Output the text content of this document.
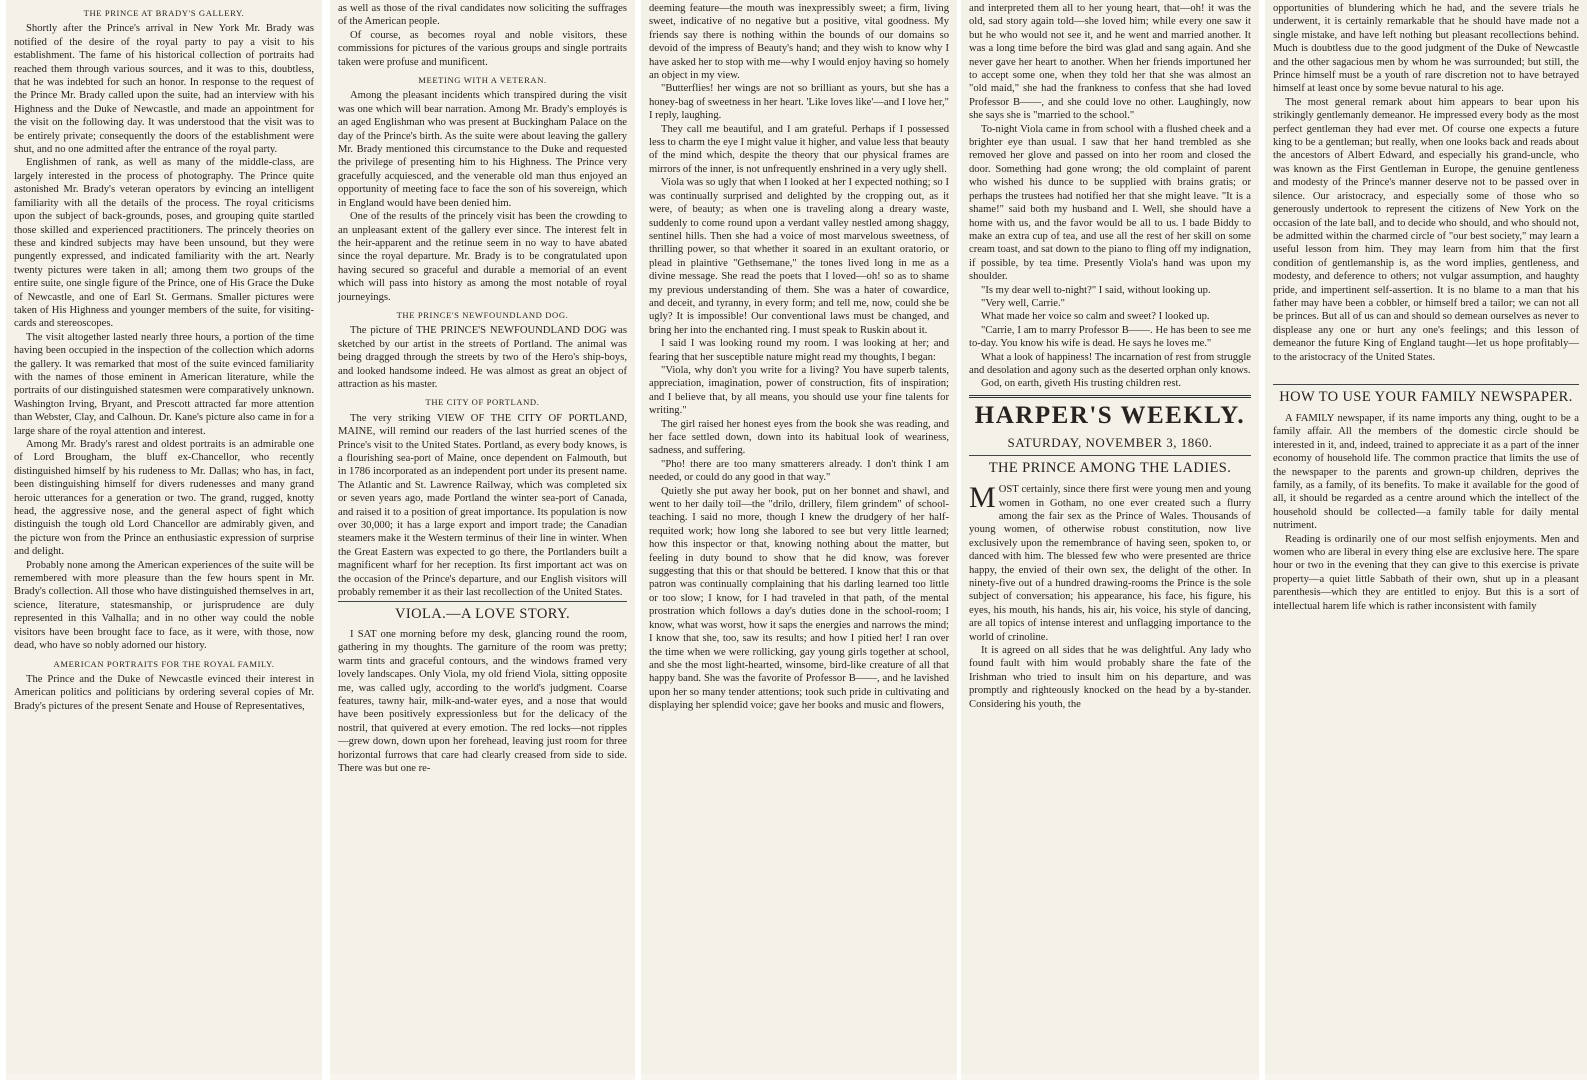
THE PRINCE AT BRADY'S GALLERY.

Shortly after the Prince's arrival in New York Mr. Brady was notified of the desire of the royal party to pay a visit to his establishment. The fame of his historical collection of portraits had reached them through various sources, and it was to this, doubtless, that he was indebted for such an honor. In response to the request of the Prince Mr. Brady called upon the suite, had an interview with his Highness and the Duke of Newcastle, and made an appointment for the visit on the following day. It was understood that the visit was to be entirely private; consequently the doors of the establishment were shut, and no one admitted after the entrance of the royal party.

Englishmen of rank, as well as many of the middle-class, are largely interested in the process of photography. The Prince quite astonished Mr. Brady's veteran operators by evincing an intelligent familiarity with all the details of the process. The royal criticisms upon the subject of back-grounds, poses, and grouping quite startled those skilled and experienced practitioners. The princely theories on these and kindred subjects may have been unsound, but they were pungently expressed, and indicated familiarity with the art. Nearly twenty pictures were taken in all; among them two groups of the entire suite, one single figure of the Prince, one of His Grace the Duke of Newcastle, and one of Earl St. Germans. Smaller pictures were taken of His Highness and younger members of the suite, for visiting-cards and stereoscopes.

The visit altogether lasted nearly three hours, a portion of the time having been occupied in the inspection of the collection which adorns the gallery. It was remarked that most of the suite evinced familiarity with the names of those eminent in American literature, while the portraits of our distinguished statesmen were comparatively unknown. Washington Irving, Bryant, and Prescott attracted far more attention than Webster, Clay, and Calhoun. Dr. Kane's picture also came in for a large share of the royal attention and interest.

Among Mr. Brady's rarest and oldest portraits is an admirable one of Lord Brougham, the bluff ex-Chancellor, who recently distinguished himself by his rudeness to Mr. Dallas; who has, in fact, been distinguishing himself for divers rudenesses and many grand heroic utterances for a generation or two. The grand, rugged, knotty head, the aggressive nose, and the general aspect of fight which distinguish the tough old Lord Chancellor are admirably given, and the picture won from the Prince an enthusiastic expression of surprise and delight.

Probably none among the American experiences of the suite will be remembered with more pleasure than the few hours spent in Mr. Brady's collection. All those who have distinguished themselves in art, science, literature, statesmanship, or jurisprudence are duly represented in this Valhalla; and in no other way could the noble visitors have been brought face to face, as it were, with those, now dead, who have so nobly adorned our history.

AMERICAN PORTRAITS FOR THE ROYAL FAMILY.

The Prince and the Duke of Newcastle evinced their interest in American politics and politicians by ordering several copies of Mr. Brady's pictures of the present Senate and House of Representatives,

as well as those of the rival candidates now soliciting the suffrages of the American people.

Of course, as becomes royal and noble visitors, these commissions for pictures of the various groups and single portraits taken were profuse and munificent.

MEETING WITH A VETERAN.

Among the pleasant incidents which transpired during the visit was one which will bear narration. Among Mr. Brady's employés is an aged Englishman who was present at Buckingham Palace on the day of the Prince's birth. As the suite were about leaving the gallery Mr. Brady mentioned this circumstance to the Duke and requested the privilege of presenting him to his Highness. The Prince very gracefully acquiesced, and the venerable old man thus enjoyed an opportunity of meeting face to face the son of his sovereign, which in England would have been denied him.

One of the results of the princely visit has been the crowding to an unpleasant extent of the gallery ever since. The interest felt in the heir-apparent and the retinue seem in no way to have abated since the royal departure. Mr. Brady is to be congratulated upon having secured so graceful and durable a memorial of an event which will pass into history as among the most notable of royal journeyings.

THE PRINCE'S NEWFOUNDLAND DOG.

The picture of THE PRINCE'S NEWFOUNDLAND DOG was sketched by our artist in the streets of Portland. The animal was being dragged through the streets by two of the Hero's ship-boys, and looked handsome indeed. He was almost as great an object of attraction as his master.

THE CITY OF PORTLAND.

The very striking VIEW OF THE CITY OF PORTLAND, MAINE, will remind our readers of the last hurried scenes of the Prince's visit to the United States. Portland, as every body knows, is a flourishing sea-port of Maine, once dependent on Falmouth, but in 1786 incorporated as an independent port under its present name. The Atlantic and St. Lawrence Railway, which was completed six or seven years ago, made Portland the winter sea-port of Canada, and raised it to a position of great importance. Its population is now over 30,000; it has a large export and import trade; the Canadian steamers make it the Western terminus of their line in winter. When the Great Eastern was expected to go there, the Portlanders built a magnificent wharf for her reception. Its first important act was on the occasion of the Prince's departure, and our English visitors will probably remember it as their last recollection of the United States.

VIOLA.—A LOVE STORY.

I SAT one morning before my desk, glancing round the room, gathering in my thoughts. The garniture of the room was pretty; warm tints and graceful contours, and the windows framed very lovely landscapes. Only Viola, my old friend Viola, sitting opposite me, was called ugly, according to the world's judgment. Coarse features, tawny hair, milk-and-water eyes, and a nose that would have been positively expressionless but for the delicacy of the nostril, that quivered at every emotion. The red locks—not ripples—grew down, down upon her forehead, leaving just room for three horizontal furrows that care had clearly creased from side to side. There was but one re-

deeming feature—the mouth was inexpressibly sweet; a firm, living sweet, indicative of no negative but a positive, vital goodness. My friends say there is nothing within the bounds of our domains so devoid of the impress of Beauty's hand; and they wish to know why I have asked her to stop with me—why I would enjoy having so homely an object in my view.

"Butterflies! her wings are not so brilliant as yours, but she has a honey-bag of sweetness in her heart. 'Like loves like'—and I love her," I reply, laughing.

They call me beautiful, and I am grateful. Perhaps if I possessed less to charm the eye I might value it higher, and value less that beauty of the mind which, despite the theory that our physical frames are mirrors of the inner, is not unfrequently enshrined in a very ugly shell.

Viola was so ugly that when I looked at her I expected nothing; so I was continually surprised and delighted by the cropping out, as it were, of beauty; as when one is traveling along a dreary waste, suddenly to come round upon a verdant valley nestled among shaggy, sentinel hills. Then she had a voice of most marvelous sweetness, of thrilling power, so that whether it soared in an exultant oratorio, or plead in plaintive "Gethsemane," the tones lived long in me as a divine message. She read the poets that I loved—oh! so as to shame my previous understanding of them. She was a hater of cowardice, and deceit, and tyranny, in every form; and tell me, now, could she be ugly? It is impossible! Our conventional laws must be changed, and bring her into the enchanted ring. I must speak to Ruskin about it.

I said I was looking round my room. I was looking at her; and fearing that her susceptible nature might read my thoughts, I began:

"Viola, why don't you write for a living? You have superb talents, appreciation, imagination, power of construction, fits of inspiration; and I believe that, by all means, you should use your fine talents for writing."

The girl raised her honest eyes from the book she was reading, and her face settled down, down into its habitual look of weariness, sadness, and suffering.

"Pho! there are too many smatterers already. I don't think I am needed, or could do any good in that way."

Quietly she put away her book, put on her bonnet and shawl, and went to her daily toil—the "drilo, drillery, filem grindem" of school-teaching. I said no more, though I knew the drudgery of her half-requited work; how long she labored to see but very little learned; how this inspector or that, knowing nothing about the matter, but feeling in duty bound to show that he did know, was forever suggesting that this or that should be bettered. I know that this or that patron was continually complaining that his darling learned too little or too slow; I know, for I had traveled in that path, of the mental prostration which follows a day's duties done in the school-room; I know, what was worst, how it saps the energies and narrows the mind; I know that she, too, saw its results; and how I pitied her! I ran over the time when we were rollicking, gay young girls together at school, and she the most light-hearted, winsome, bird-like creature of all that happy band. She was the favorite of Professor B——, and he lavished upon her so many tender attentions; took such pride in cultivating and displaying her splendid voice; gave her books and music and flowers,

and interpreted them all to her young heart, that—oh! it was the old, sad story again told—she loved him; while every one saw it but he who would not see it, and he went and married another. It was a long time before the bird was glad and sang again. And she never gave her heart to another. When her friends importuned her to accept some one, when they told her that she was almost an "old maid," she had the frankness to confess that she had loved Professor B——, and she could love no other. Laughingly, now she says she is "married to the school."

To-night Viola came in from school with a flushed cheek and a brighter eye than usual. I saw that her hand trembled as she removed her glove and passed on into her room and closed the door. Something had gone wrong; the old complaint of parent who wished his dunce to be supplied with brains gratis; or perhaps the trustees had notified her that she might leave. "It is a shame!" said both my husband and I. Well, she should have a home with us, and the favor would be all to us. I bade Biddy to make an extra cup of tea, and use all the rest of her skill on some cream toast, and sat down to the piano to fling off my indignation, if possible, by tea time. Presently Viola's hand was upon my shoulder.

"Is my dear well to-night?" I said, without looking up.

"Very well, Carrie."

What made her voice so calm and sweet? I looked up.

"Carrie, I am to marry Professor B——. He has been to see me to-day. You know his wife is dead. He says he loves me."

What a look of happiness! The incarnation of rest from struggle and desolation and agony such as the deserted orphan only knows.

God, on earth, giveth His trusting children rest.

HARPER'S WEEKLY.
SATURDAY, NOVEMBER 3, 1860.
THE PRINCE AMONG THE LADIES.

MOST certainly, since there first were young men and young women in Gotham, no one ever created such a flurry among the fair sex as the Prince of Wales. Thousands of young women, of otherwise robust constitution, now live exclusively upon the remembrance of having seen, spoken to, or danced with him. The blessed few who were presented are thrice happy, the envied of their own sex, the delight of the other. In ninety-five out of a hundred drawing-rooms the Prince is the sole subject of conversation; his appearance, his face, his figure, his eyes, his mouth, his hands, his air, his voice, his style of dancing, are all topics of intense interest and unflagging importance to the world of crinoline.

It is agreed on all sides that he was delightful. Any lady who found fault with him would probably share the fate of the Irishman who tried to insult him on his departure, and was promptly and righteously knocked on the head by a by-stander. Considering his youth, the

opportunities of blundering which he had, and the severe trials he underwent, it is certainly remarkable that he should have made not a single mistake, and have left nothing but pleasant recollections behind. Much is doubtless due to the good judgment of the Duke of Newcastle and the other sagacious men by whom he was surrounded; but still, the Prince himself must be a youth of rare discretion not to have betrayed himself at least once by some bevue natural to his age.

The most general remark about him appears to bear upon his strikingly gentlemanly demeanor. He impressed every body as the most perfect gentleman they had ever met. Of course one expects a future king to be a gentleman; but really, when one looks back and reads about the ancestors of Albert Edward, and especially his grand-uncle, who was known as the First Gentleman in Europe, the genuine gentleness and modesty of the Prince's manner deserve not to be passed over in silence. Our aristocracy, and especially some of those who so generously undertook to represent the citizens of New York on the occasion of the late ball, and to decide who should, and who should not, be admitted within the charmed circle of "our best society," may learn a useful lesson from him. They may learn from him that the first condition of gentlemanship is, as the word implies, gentleness, and modesty, and deference to others; not vulgar assumption, and haughty pride, and impertinent self-assertion. It is no blame to a man that his father may have been a cobbler, or himself bred a tailor; we can not all be princes. But all of us can and should so demean ourselves as never to displease any one or hurt any one's feelings; and this lesson of demeanor the future King of England taught—let us hope profitably—to the aristocracy of the United States.

HOW TO USE YOUR FAMILY NEWSPAPER.

A FAMILY newspaper, if its name imports any thing, ought to be a family affair. All the members of the domestic circle should be interested in it, and, indeed, trained to appreciate it as a part of the inner economy of household life. The common practice that limits the use of the newspaper to the parents and grown-up children, deprives the family, as a family, of its benefits. To make it available for the good of all, it should be regarded as a centre around which the intellect of the household should be collected—a family table for daily mental nutriment.

Reading is ordinarily one of our most selfish enjoyments. Men and women who are liberal in every thing else are exclusive here. The spare hour or two in the evening that they can give to this exercise is private property—a quiet little Sabbath of their own, shut up in a pleasant parenthesis—which they are entitled to enjoy. But this is a sort of intellectual harem life which is rather inconsistent with family
